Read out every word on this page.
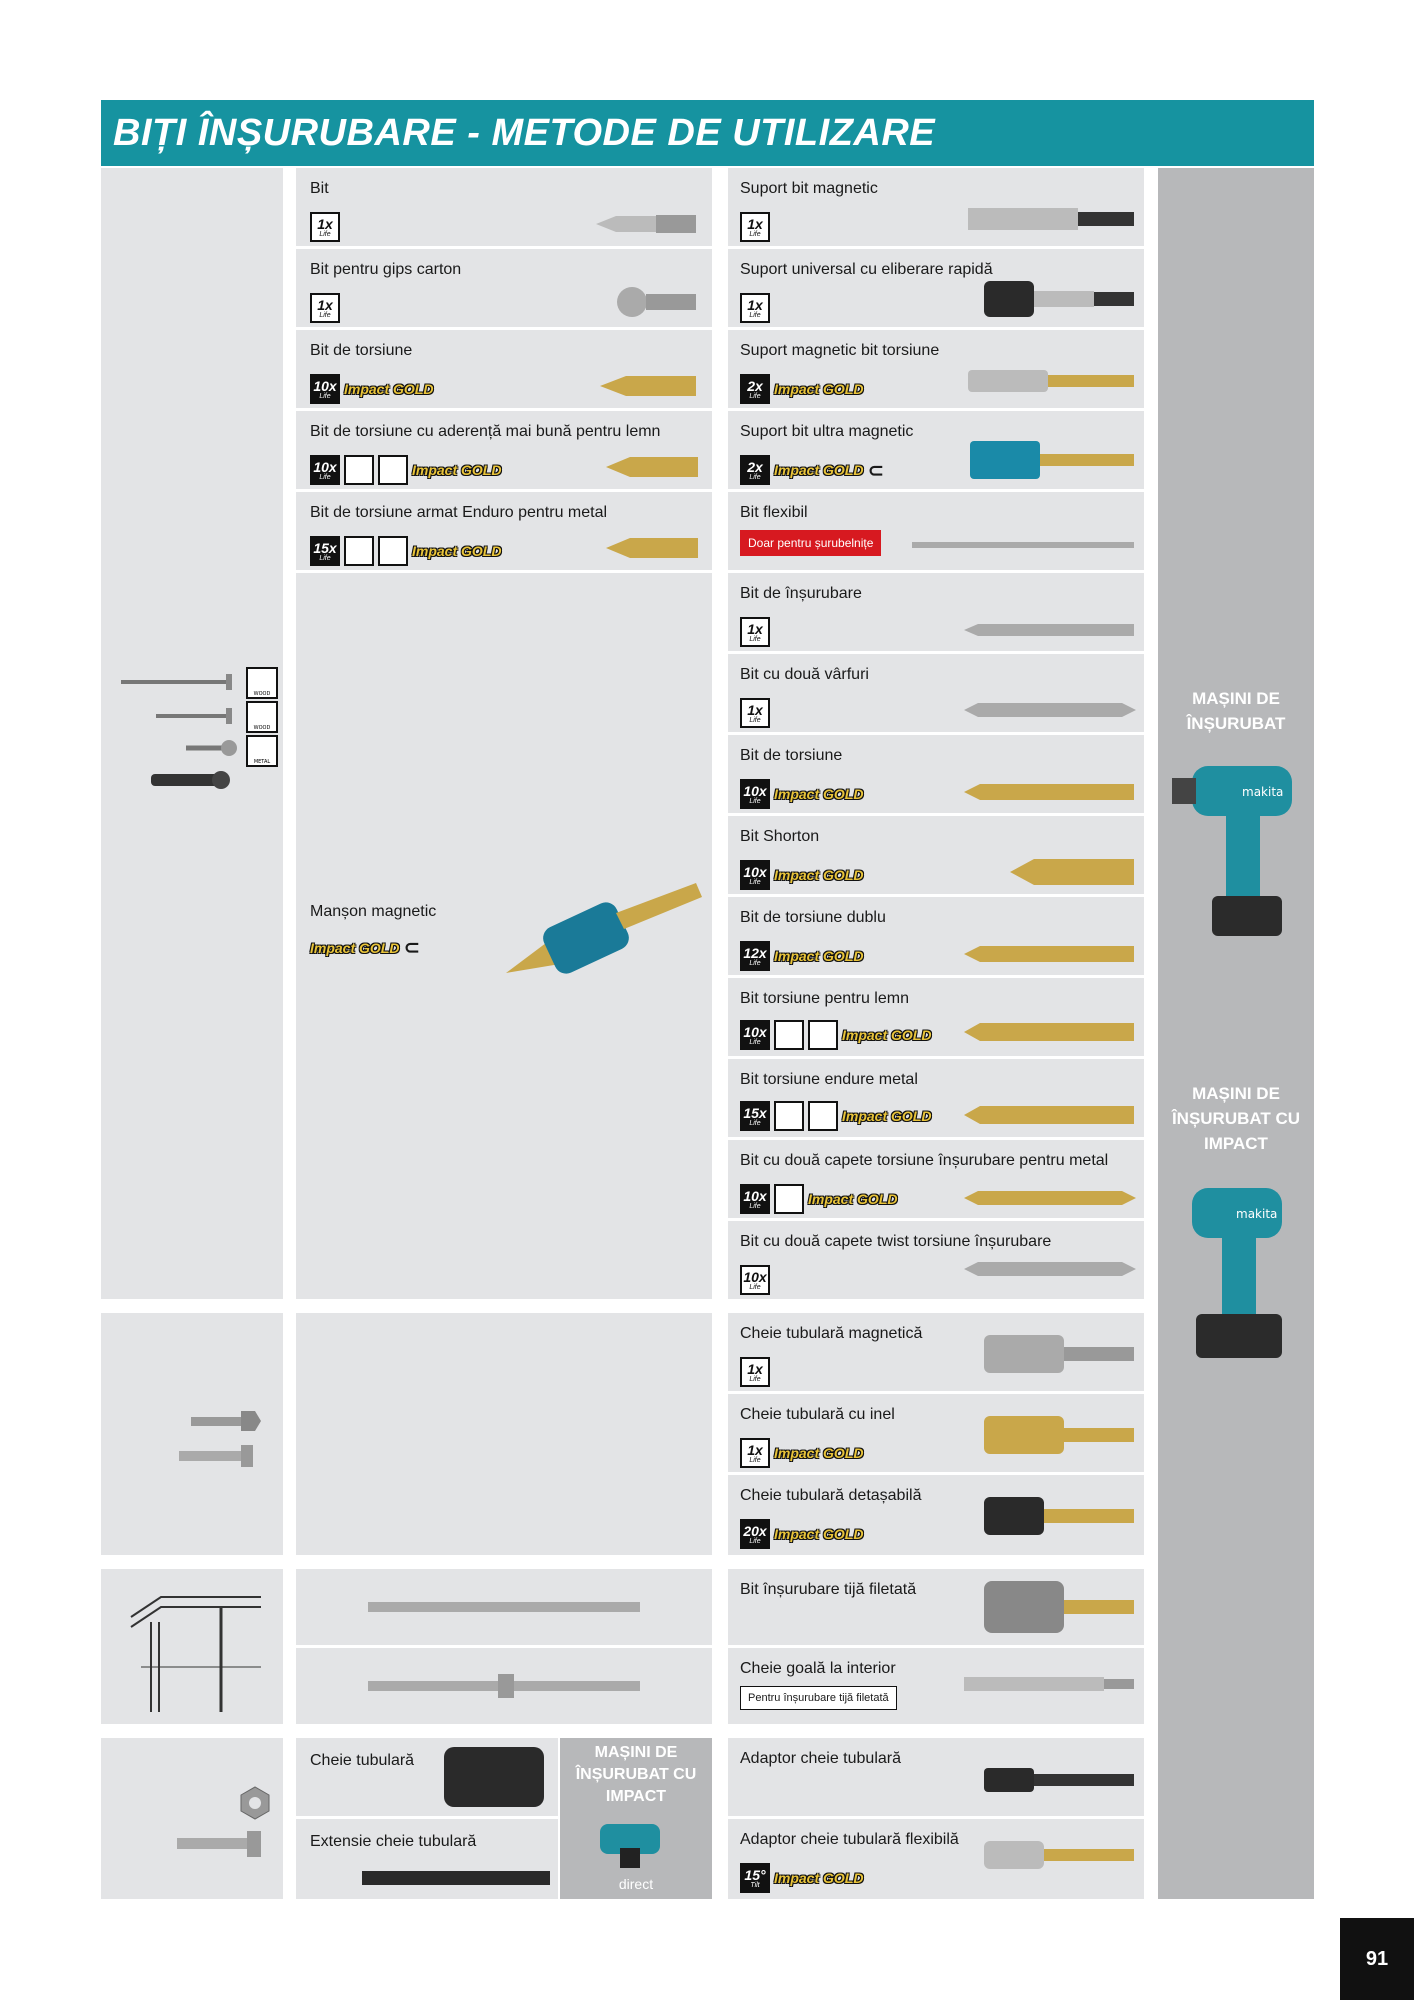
BIȚI ÎNȘURUBARE - METODE DE UTILIZARE
WOOD
WOOD
METAL
Bit
1x
Life
Bit pentru gips carton
1x
Life
Bit de torsiune
10x
Life Impact GOLD
Bit de torsiune cu aderență mai bună pentru lemn
10x
Life	Impact GOLD
Bit de torsiune armat Enduro pentru metal
15x
Life	Impact GOLD
Manșon magnetic
Impact GOLD ⊂
Cheie tubulară
Extensie cheie tubulară
MAȘINI DE ÎNȘURUBAT CU IMPACT
direct
Suport bit magnetic
1x
Life
Suport universal cu eliberare rapidă
1x
Life
Suport magnetic bit torsiune
2x
Life Impact GOLD
Suport bit ultra magnetic
2x
Life Impact GOLD ⊂
Bit flexibil
Doar pentru șurubelnițe
Bit de înșurubare
1x
Life
Bit cu două vârfuri
1x
Life
Bit de torsiune
10x
Life Impact GOLD
Bit Shorton
10x
Life Impact GOLD
Bit de torsiune dublu
12x
Life Impact GOLD
Bit torsiune pentru lemn
10x
Life	Impact GOLD
Bit torsiune endure metal
15x
Life	Impact GOLD
Bit cu două capete torsiune înșurubare pentru metal
10x
Life	Impact GOLD
Bit cu două capete twist torsiune înșurubare
10x
Life
Cheie tubulară magnetică
1x
Life
Cheie tubulară cu inel
1x
Life Impact GOLD
Cheie tubulară detașabilă
20x
Life Impact GOLD
Bit înșurubare tijă filetată
Cheie goală la interior
Pentru înșurubare tijă filetată
Adaptor cheie tubulară
Adaptor cheie tubulară flexibilă
15°
Tilt Impact GOLD
MAȘINI DE ÎNȘURUBAT
makita
MAȘINI DE ÎNȘURUBAT CU IMPACT
makita
91
